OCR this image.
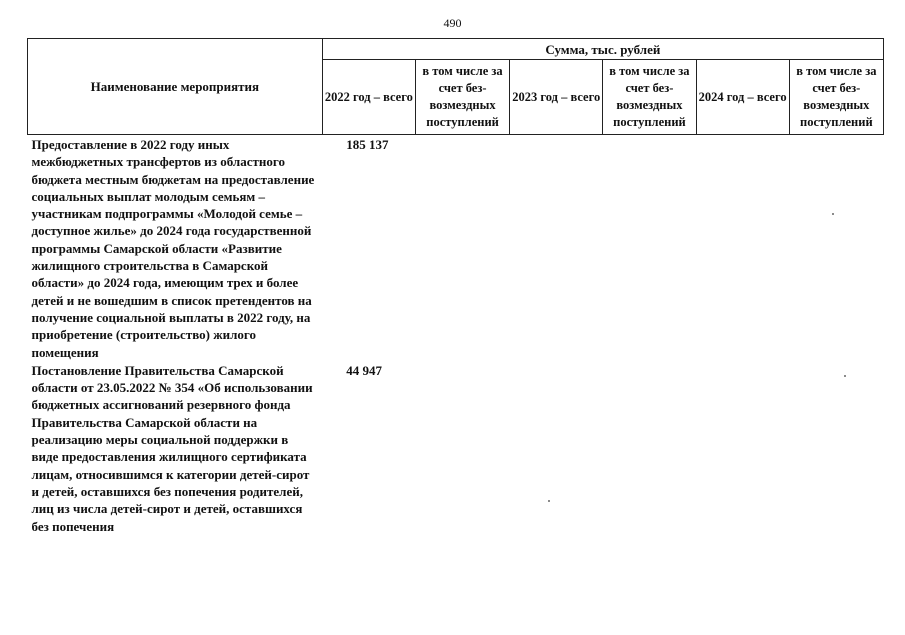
490
Наименование мероприятия	Сумма, тыс. рублей					
	2022 год – всего	в том числе за счет без-возмездных поступлений	2023 год – всего	в том числе за счет без-возмездных поступлений	2024 год – всего	в том числе за счет без-возмездных поступлений
Предоставление в 2022 году иных межбюджетных трансфертов из областного бюджета местным бюджетам на предоставление социальных выплат молодым семьям – участникам подпрограммы «Молодой семье – доступное жилье» до 2024 года государственной программы Самарской области «Развитие жилищного строительства в Самарской области» до 2024 года, имеющим трех и более детей и не вошедшим в список претендентов на получение социальной выплаты в 2022 году, на приобретение (строительство) жилого помещения	185 137					
Постановление Правительства Самарской области от 23.05.2022 № 354 «Об использовании бюджетных ассигнований резервного фонда Правительства Самарской области на реализацию меры социальной поддержки в виде предоставления жилищного сертификата лицам, относившимся к категории детей-сирот и детей, оставшихся без попечения родителей, лиц из числа детей-сирот и детей, оставшихся без попечения	44 947					
